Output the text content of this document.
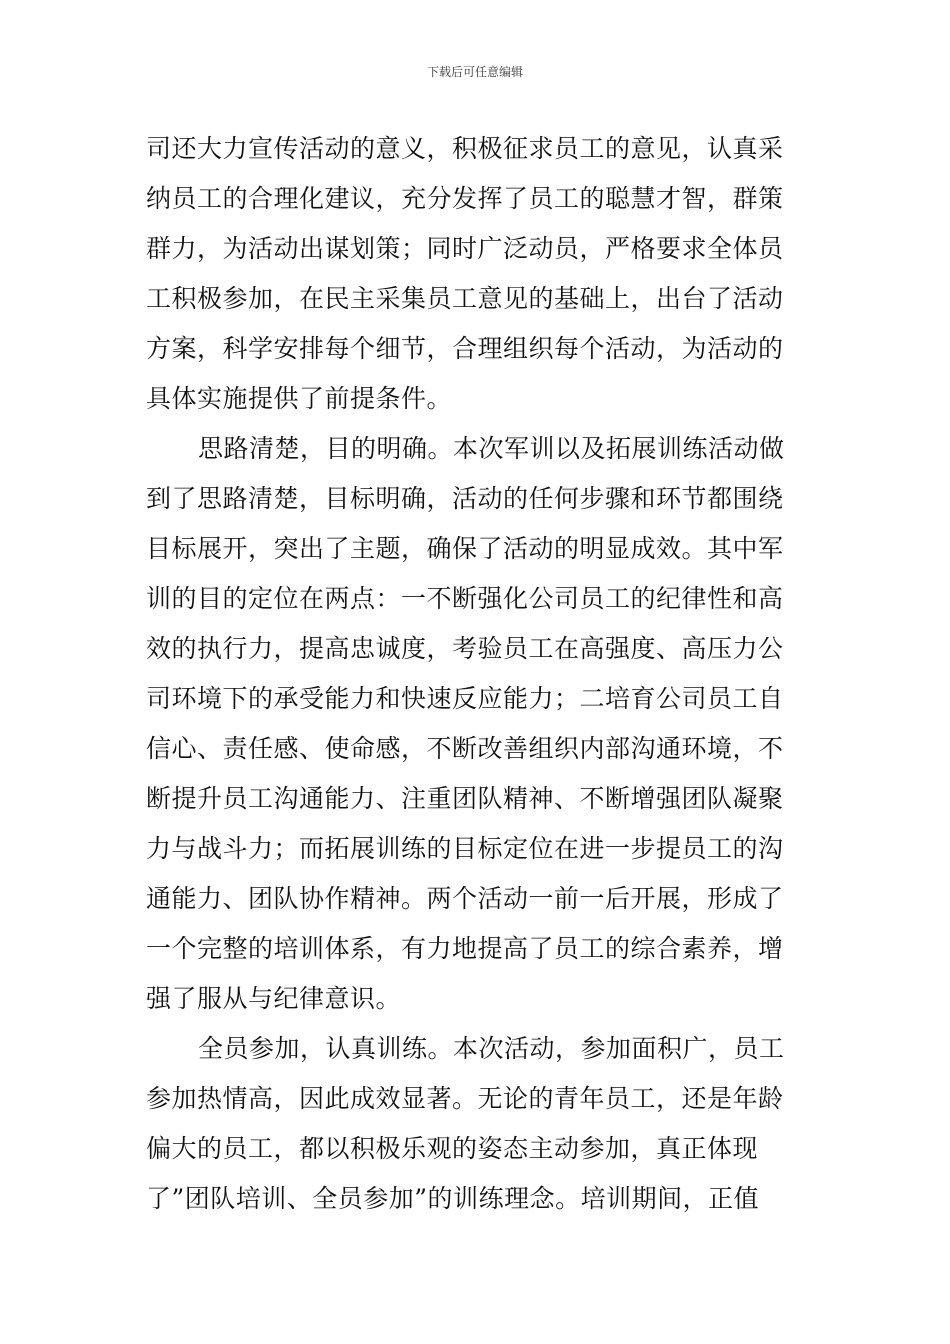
下载后可任意编辑
司还大力宣传活动的意义，积极征求员工的意见，认真采
纳员工的合理化建议，充分发挥了员工的聪慧才智，群策
群力，为活动出谋划策；同时广泛动员，严格要求全体员
工积极参加，在民主采集员工意见的基础上，出台了活动
方案，科学安排每个细节，合理组织每个活动，为活动的
具体实施提供了前提条件。
思路清楚，目的明确。本次军训以及拓展训练活动做
到了思路清楚，目标明确，活动的任何步骤和环节都围绕
目标展开，突出了主题，确保了活动的明显成效。其中军
训的目的定位在两点：一不断强化公司员工的纪律性和高
效的执行力，提高忠诚度，考验员工在高强度、高压力公
司环境下的承受能力和快速反应能力；二培育公司员工自
信心、责任感、使命感，不断改善组织内部沟通环境，不
断提升员工沟通能力、注重团队精神、不断增强团队凝聚
力与战斗力；而拓展训练的目标定位在进一步提员工的沟
通能力、团队协作精神。两个活动一前一后开展，形成了
一个完整的培训体系，有力地提高了员工的综合素养，增
强了服从与纪律意识。
全员参加，认真训练。本次活动，参加面积广，员工
参加热情高，因此成效显著。无论的青年员工，还是年龄
偏大的员工，都以积极乐观的姿态主动参加，真正体现
了”团队培训、全员参加”的训练理念。培训期间，正值
